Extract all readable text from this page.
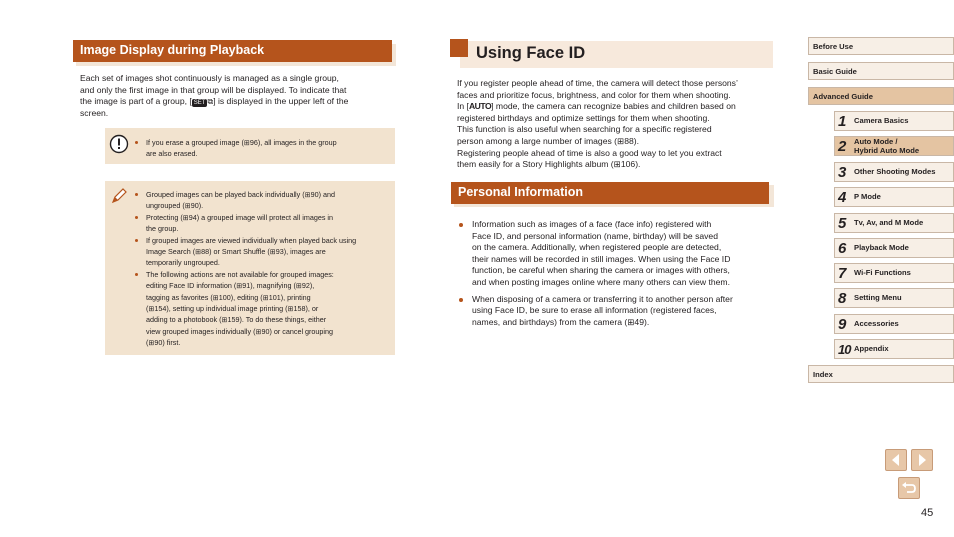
Image Display during Playback

Each set of images shot continuously is managed as a single group,

and only the first image in that group will be displayed. To indicate that

the image is part of a group, [ SET ⧉] is displayed in the upper left of the

screen.

If you erase a grouped image (⊞96), all images in the group
are also erased.
Grouped images can be played back individually (⊞90) and
ungrouped (⊞90).
Protecting (⊞94) a grouped image will protect all images in
the group.
If grouped images are viewed individually when played back using
Image Search (⊞88) or Smart Shuffle (⊞93), images are
temporarily ungrouped.
The following actions are not available for grouped images:
editing Face ID information (⊞91), magnifying (⊞92),
tagging as favorites (⊞100), editing (⊞101), printing
(⊞154), setting up individual image printing (⊞158), or
adding to a photobook (⊞159). To do these things, either
view grouped images individually (⊞90) or cancel grouping
(⊞90) first.
Using Face ID

If you register people ahead of time, the camera will detect those persons’

faces and prioritize focus, brightness, and color for them when shooting.

In [AUTO] mode, the camera can recognize babies and children based on

registered birthdays and optimize settings for them when shooting.

This function is also useful when searching for a specific registered

person among a large number of images (⊞88).

Registering people ahead of time is also a good way to let you extract

them easily for a Story Highlights album (⊞106).

Personal Information
Information such as images of a face (face info) registered with
Face ID, and personal information (name, birthday) will be saved
on the camera. Additionally, when registered people are detected,
their names will be recorded in still images. When using the Face ID
function, be careful when sharing the camera or images with others,
and when posting images online where many others can view them.
When disposing of a camera or transferring it to another person after
using Face ID, be sure to erase all information (registered faces,
names, and birthdays) from the camera (⊞49).
Before Use
Basic Guide
Advanced Guide
1 Camera Basics
2 Auto Mode /
Hybrid Auto Mode
3 Other Shooting Modes
4 P Mode
5 Tv, Av, and M Mode
6 Playback Mode
7 Wi-Fi Functions
8 Setting Menu
9 Accessories
10 Appendix
Index
45
